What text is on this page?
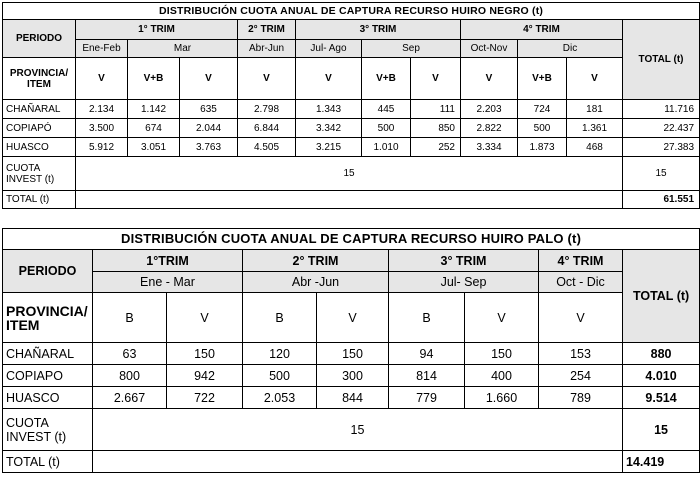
DISTRIBUCIÓN CUOTA ANUAL DE CAPTURA RECURSO HUIRO NEGRO (t)											
PERIODO	1° TRIM			2° TRIM	3° TRIM			4° TRIM			TOTAL (t)
	Ene-Feb	Mar		Abr-Jun	Jul- Ago	Sep		Oct-Nov	Dic		
PROVINCIA/ ITEM	V	V+B	V	V	V	V+B	V	V	V+B	V	
CHAÑARAL	2.134	1.142	635	2.798	1.343	445	111	2.203	724	181	11.716
COPIAPÓ	3.500	674	2.044	6.844	3.342	500	850	2.822	500	1.361	22.437
HUASCO	5.912	3.051	3.763	4.505	3.215	1.010	252	3.334	1.873	468	27.383
CUOTA INVEST (t)	15										15
TOTAL (t)											61.551
DISTRIBUCIÓN CUOTA ANUAL DE CAPTURA RECURSO HUIRO PALO (t)								
PERIODO	1°TRIM		2° TRIM		3° TRIM		4° TRIM	TOTAL (t)
	Ene - Mar		Abr -Jun		Jul- Sep		Oct - Dic	
PROVINCIA/ ITEM	B	V	B	V	B	V	V	
CHAÑARAL	63	150	120	150	94	150	153	880
COPIAPO	800	942	500	300	814	400	254	4.010
HUASCO	2.667	722	2.053	844	779	1.660	789	9.514
CUOTA INVEST (t)	15							15
TOTAL (t)								14.419
